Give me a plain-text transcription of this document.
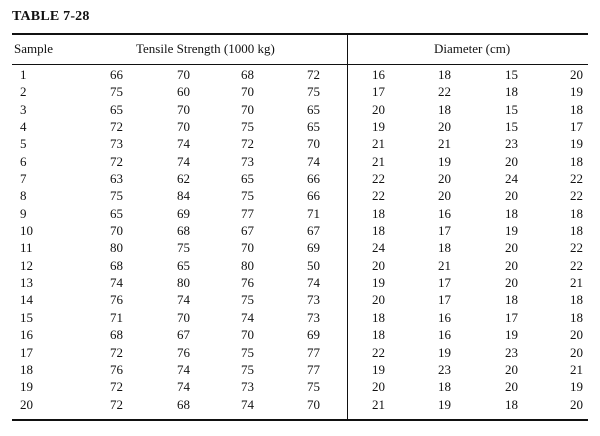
TABLE 7-28
Sample	Tensile Strength (1000 kg)	Diameter (cm)
1	66	70	68	72	16	18	15	20
2	75	60	70	75	17	22	18	19
3	65	70	70	65	20	18	15	18
4	72	70	75	65	19	20	15	17
5	73	74	72	70	21	21	23	19
6	72	74	73	74	21	19	20	18
7	63	62	65	66	22	20	24	22
8	75	84	75	66	22	20	20	22
9	65	69	77	71	18	16	18	18
10	70	68	67	67	18	17	19	18
11	80	75	70	69	24	18	20	22
12	68	65	80	50	20	21	20	22
13	74	80	76	74	19	17	20	21
14	76	74	75	73	20	17	18	18
15	71	70	74	73	18	16	17	18
16	68	67	70	69	18	16	19	20
17	72	76	75	77	22	19	23	20
18	76	74	75	77	19	23	20	21
19	72	74	73	75	20	18	20	19
20	72	68	74	70	21	19	18	20
